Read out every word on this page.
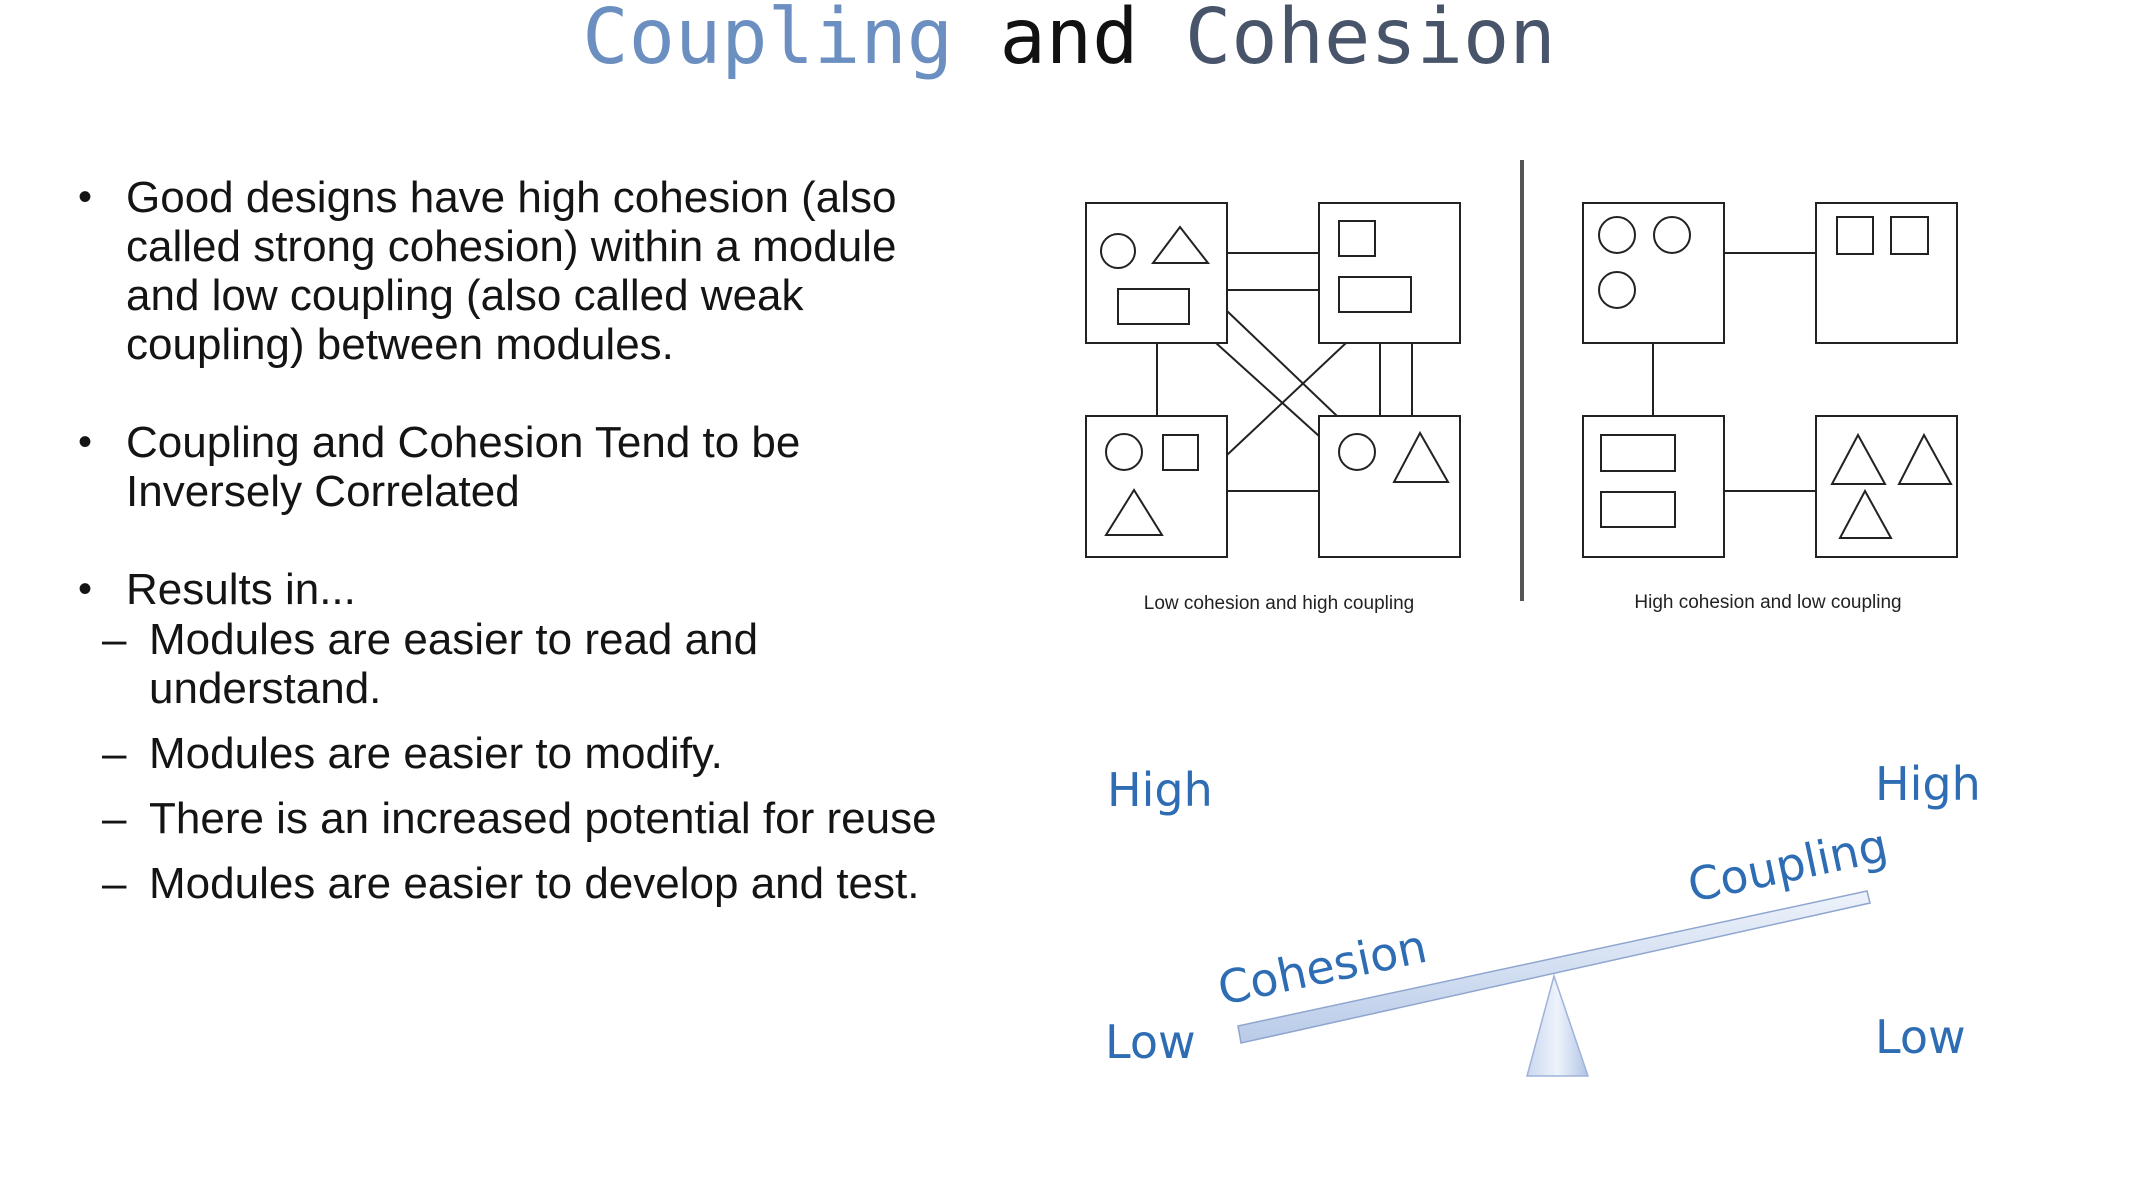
Coupling and Cohesion
• Good designs have high cohesion (also called strong cohesion) within a module and low coupling (also called weak coupling) between modules.
• Coupling and Cohesion Tend to be Inversely Correlated
• Results in...
– Modules are easier to read and understand.
– Modules are easier to modify.
– There is an increased potential for reuse
– Modules are easier to develop and test.
Low cohesion and high coupling	High cohesion and low coupling
High	High
Low	Low
Cohesion
Coupling
